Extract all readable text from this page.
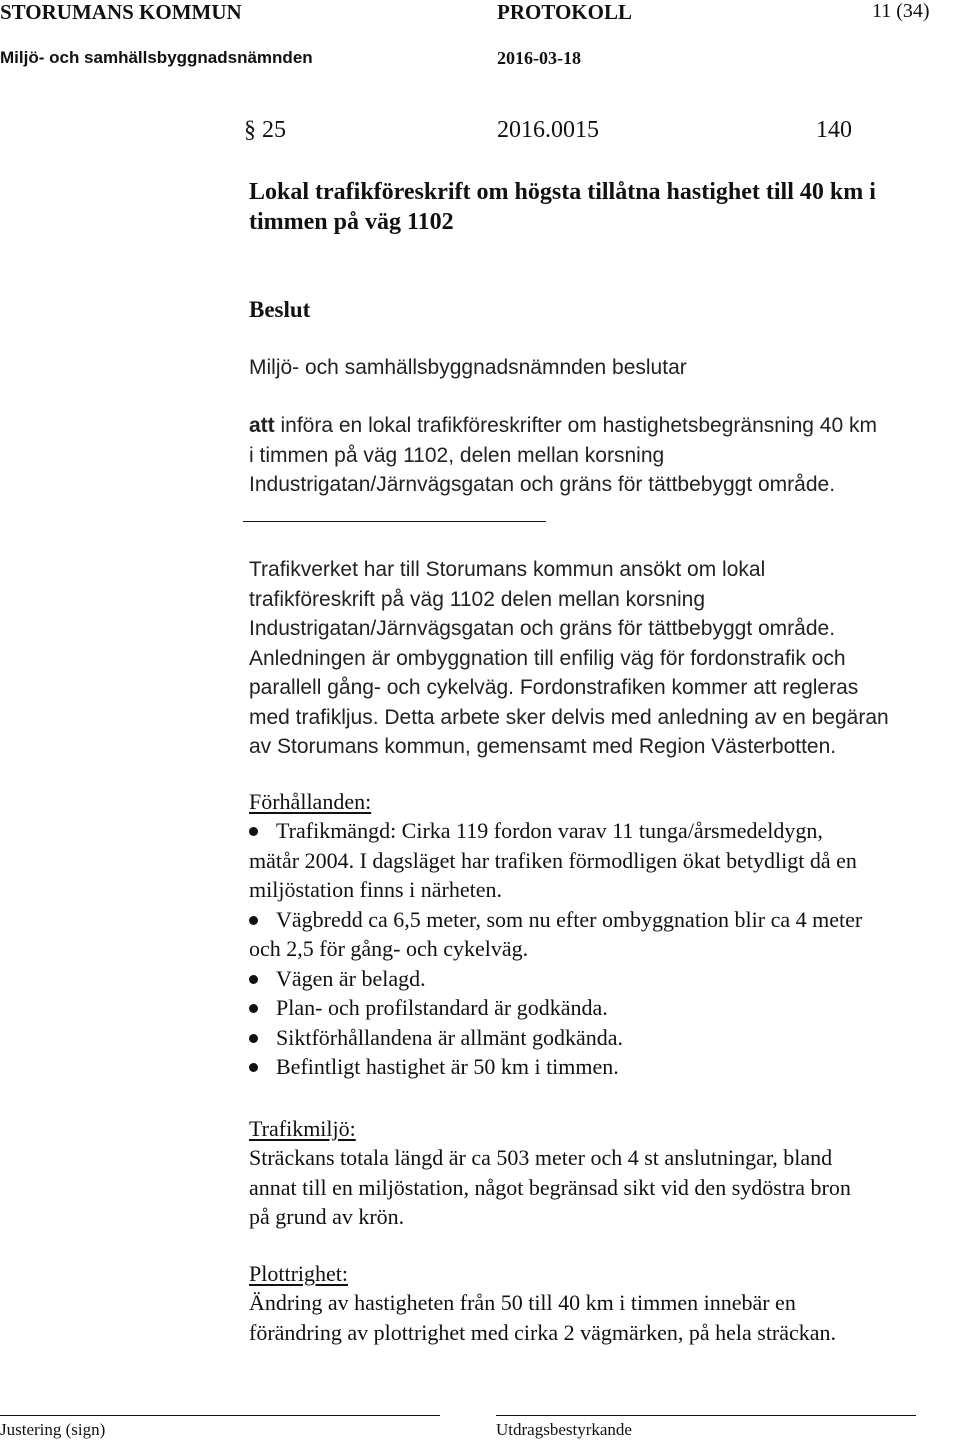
STORUMANS KOMMUN	PROTOKOLL	11 (34)
Miljö- och samhällsbyggnadsnämnden	2016-03-18
§ 25	2016.0015	140
Lokal trafikföreskrift om högsta tillåtna hastighet till 40 km i
timmen på väg 1102
Beslut
Miljö- och samhällsbyggnadsnämnden beslutar
att införa en lokal trafikföreskrifter om hastighetsbegränsning 40 km
i timmen på väg 1102, delen mellan korsning
Industrigatan/Järnvägsgatan och gräns för tättbebyggt område.
Trafikverket har till Storumans kommun ansökt om lokal
trafikföreskrift på väg 1102 delen mellan korsning
Industrigatan/Järnvägsgatan och gräns för tättbebyggt område.
Anledningen är ombyggnation till enfilig väg för fordonstrafik och
parallell gång- och cykelväg. Fordonstrafiken kommer att regleras
med trafikljus. Detta arbete sker delvis med anledning av en begäran
av Storumans kommun, gemensamt med Region Västerbotten.
Förhållanden:
Trafikmängd: Cirka 119 fordon varav 11 tunga/årsmedeldygn,
mätår 2004. I dagsläget har trafiken förmodligen ökat betydligt då en
miljöstation finns i närheten.
Vägbredd ca 6,5 meter, som nu efter ombyggnation blir ca 4 meter
och 2,5 för gång- och cykelväg.
Vägen är belagd.
Plan- och profilstandard är godkända.
Siktförhållandena är allmänt godkända.
Befintligt hastighet är 50 km i timmen.
Trafikmiljö:
Sträckans totala längd är ca 503 meter och 4 st anslutningar, bland
annat till en miljöstation, något begränsad sikt vid den sydöstra bron
på grund av krön.
Plottrighet:
Ändring av hastigheten från 50 till 40 km i timmen innebär en
förändring av plottrighet med cirka 2 vägmärken, på hela sträckan.
Justering (sign)	Utdragsbestyrkande
